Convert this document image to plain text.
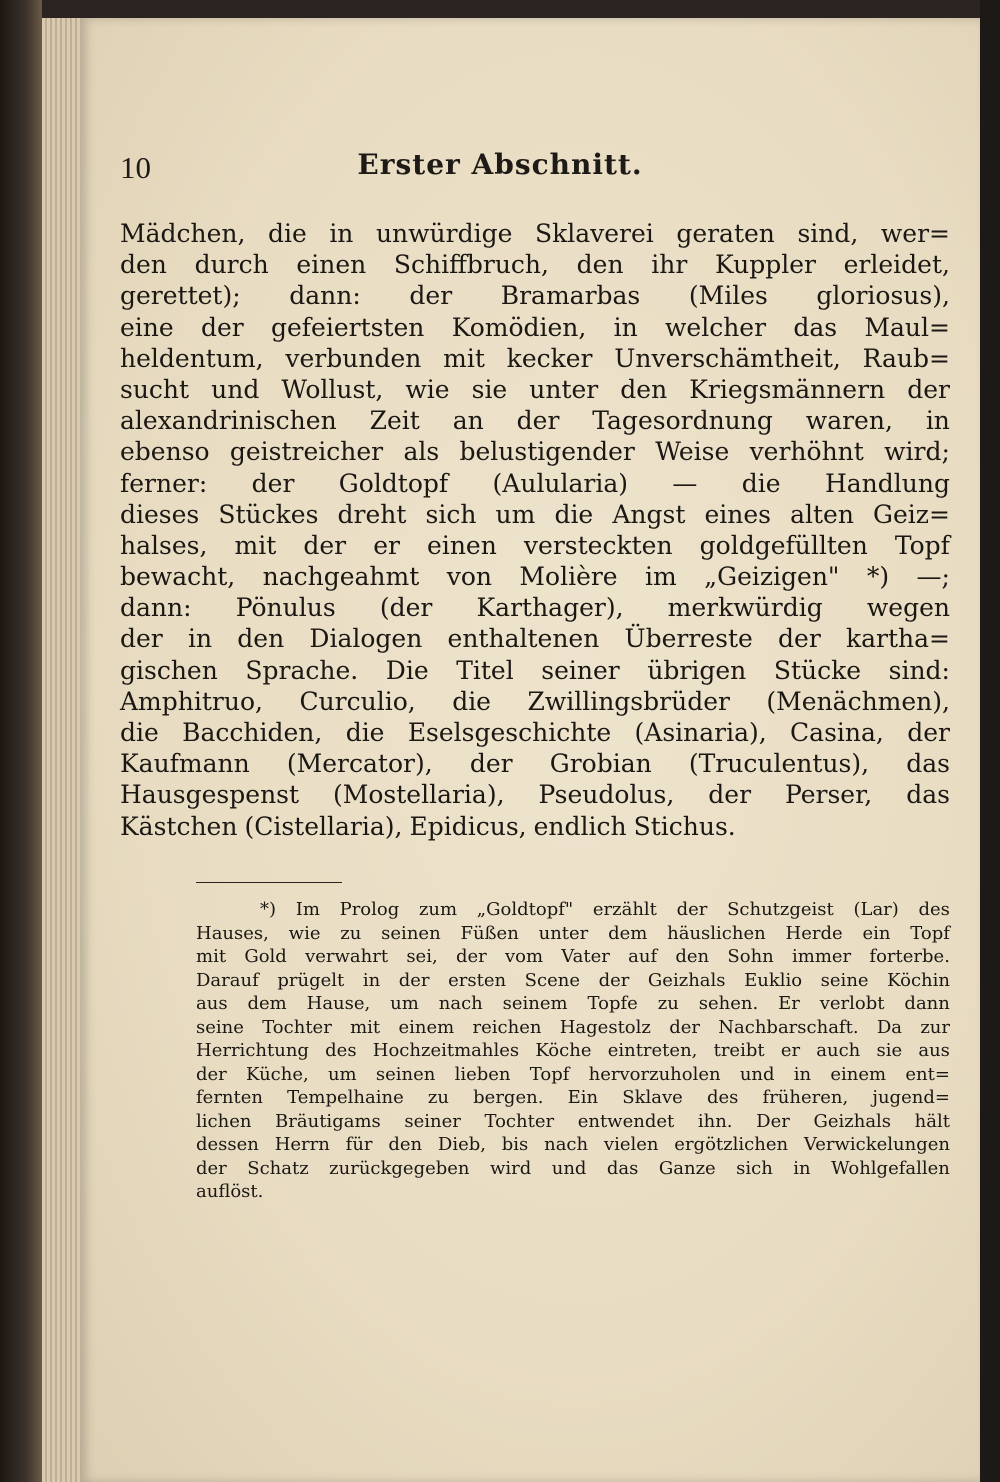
10	Erster Abschnitt.
Mädchen, die in unwürdige Sklaverei geraten sind, wer=
den durch einen Schiffbruch, den ihr Kuppler erleidet,
gerettet); dann: der Bramarbas (Miles gloriosus),
eine der gefeiertsten Komödien, in welcher das Maul=
heldentum, verbunden mit kecker Unverschämtheit, Raub=
sucht und Wollust, wie sie unter den Kriegsmännern der
alexandrinischen Zeit an der Tagesordnung waren, in
ebenso geistreicher als belustigender Weise verhöhnt wird;
ferner: der Goldtopf (Aulularia) — die Handlung
dieses Stückes dreht sich um die Angst eines alten Geiz=
halses, mit der er einen versteckten goldgefüllten Topf
bewacht, nachgeahmt von Molière im „Geizigen" *) —;
dann: Pönulus (der Karthager), merkwürdig wegen
der in den Dialogen enthaltenen Überreste der kartha=
gischen Sprache. Die Titel seiner übrigen Stücke sind:
Amphitruo, Curculio, die Zwillingsbrüder (Menächmen),
die Bacchiden, die Eselsgeschichte (Asinaria), Casina, der
Kaufmann (Mercator), der Grobian (Truculentus), das
Hausgespenst (Mostellaria), Pseudolus, der Perser, das
Kästchen (Cistellaria), Epidicus, endlich Stichus.
*) Im Prolog zum „Goldtopf" erzählt der Schutzgeist (Lar) des
Hauses, wie zu seinen Füßen unter dem häuslichen Herde ein Topf
mit Gold verwahrt sei, der vom Vater auf den Sohn immer forterbe.
Darauf prügelt in der ersten Scene der Geizhals Euklio seine Köchin
aus dem Hause, um nach seinem Topfe zu sehen. Er verlobt dann
seine Tochter mit einem reichen Hagestolz der Nachbarschaft. Da zur
Herrichtung des Hochzeitmahles Köche eintreten, treibt er auch sie aus
der Küche, um seinen lieben Topf hervorzuholen und in einem ent=
fernten Tempelhaine zu bergen. Ein Sklave des früheren, jugend=
lichen Bräutigams seiner Tochter entwendet ihn. Der Geizhals hält
dessen Herrn für den Dieb, bis nach vielen ergötzlichen Verwickelungen
der Schatz zurückgegeben wird und das Ganze sich in Wohlgefallen
auflöst.
